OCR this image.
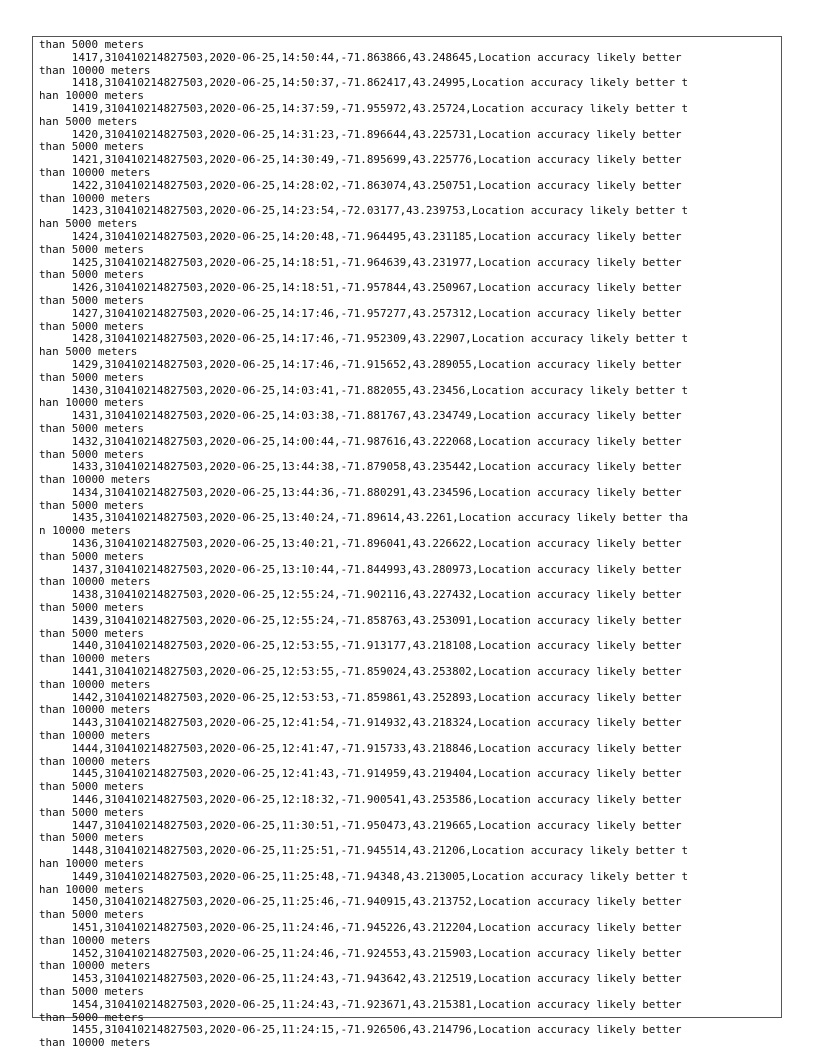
than 5000 meters
1417,310410214827503,2020-06-25,14:50:44,-71.863866,43.248645,Location accuracy likely better
than 10000 meters
1418,310410214827503,2020-06-25,14:50:37,-71.862417,43.24995,Location accuracy likely better t
han 10000 meters
1419,310410214827503,2020-06-25,14:37:59,-71.955972,43.25724,Location accuracy likely better t
han 5000 meters
1420,310410214827503,2020-06-25,14:31:23,-71.896644,43.225731,Location accuracy likely better
than 5000 meters
1421,310410214827503,2020-06-25,14:30:49,-71.895699,43.225776,Location accuracy likely better
than 10000 meters
1422,310410214827503,2020-06-25,14:28:02,-71.863074,43.250751,Location accuracy likely better
than 10000 meters
1423,310410214827503,2020-06-25,14:23:54,-72.03177,43.239753,Location accuracy likely better t
han 5000 meters
1424,310410214827503,2020-06-25,14:20:48,-71.964495,43.231185,Location accuracy likely better
than 5000 meters
1425,310410214827503,2020-06-25,14:18:51,-71.964639,43.231977,Location accuracy likely better
than 5000 meters
1426,310410214827503,2020-06-25,14:18:51,-71.957844,43.250967,Location accuracy likely better
than 5000 meters
1427,310410214827503,2020-06-25,14:17:46,-71.957277,43.257312,Location accuracy likely better
than 5000 meters
1428,310410214827503,2020-06-25,14:17:46,-71.952309,43.22907,Location accuracy likely better t
han 5000 meters
1429,310410214827503,2020-06-25,14:17:46,-71.915652,43.289055,Location accuracy likely better
than 5000 meters
1430,310410214827503,2020-06-25,14:03:41,-71.882055,43.23456,Location accuracy likely better t
han 10000 meters
1431,310410214827503,2020-06-25,14:03:38,-71.881767,43.234749,Location accuracy likely better
than 5000 meters
1432,310410214827503,2020-06-25,14:00:44,-71.987616,43.222068,Location accuracy likely better
than 5000 meters
1433,310410214827503,2020-06-25,13:44:38,-71.879058,43.235442,Location accuracy likely better
than 10000 meters
1434,310410214827503,2020-06-25,13:44:36,-71.880291,43.234596,Location accuracy likely better
than 5000 meters
1435,310410214827503,2020-06-25,13:40:24,-71.89614,43.2261,Location accuracy likely better tha
n 10000 meters
1436,310410214827503,2020-06-25,13:40:21,-71.896041,43.226622,Location accuracy likely better
than 5000 meters
1437,310410214827503,2020-06-25,13:10:44,-71.844993,43.280973,Location accuracy likely better
than 10000 meters
1438,310410214827503,2020-06-25,12:55:24,-71.902116,43.227432,Location accuracy likely better
than 5000 meters
1439,310410214827503,2020-06-25,12:55:24,-71.858763,43.253091,Location accuracy likely better
than 5000 meters
1440,310410214827503,2020-06-25,12:53:55,-71.913177,43.218108,Location accuracy likely better
than 10000 meters
1441,310410214827503,2020-06-25,12:53:55,-71.859024,43.253802,Location accuracy likely better
than 10000 meters
1442,310410214827503,2020-06-25,12:53:53,-71.859861,43.252893,Location accuracy likely better
than 10000 meters
1443,310410214827503,2020-06-25,12:41:54,-71.914932,43.218324,Location accuracy likely better
than 10000 meters
1444,310410214827503,2020-06-25,12:41:47,-71.915733,43.218846,Location accuracy likely better
than 10000 meters
1445,310410214827503,2020-06-25,12:41:43,-71.914959,43.219404,Location accuracy likely better
than 5000 meters
1446,310410214827503,2020-06-25,12:18:32,-71.900541,43.253586,Location accuracy likely better
than 5000 meters
1447,310410214827503,2020-06-25,11:30:51,-71.950473,43.219665,Location accuracy likely better
than 5000 meters
1448,310410214827503,2020-06-25,11:25:51,-71.945514,43.21206,Location accuracy likely better t
han 10000 meters
1449,310410214827503,2020-06-25,11:25:48,-71.94348,43.213005,Location accuracy likely better t
han 10000 meters
1450,310410214827503,2020-06-25,11:25:46,-71.940915,43.213752,Location accuracy likely better
than 5000 meters
1451,310410214827503,2020-06-25,11:24:46,-71.945226,43.212204,Location accuracy likely better
than 10000 meters
1452,310410214827503,2020-06-25,11:24:46,-71.924553,43.215903,Location accuracy likely better
than 10000 meters
1453,310410214827503,2020-06-25,11:24:43,-71.943642,43.212519,Location accuracy likely better
than 5000 meters
1454,310410214827503,2020-06-25,11:24:43,-71.923671,43.215381,Location accuracy likely better
than 5000 meters
1455,310410214827503,2020-06-25,11:24:15,-71.926506,43.214796,Location accuracy likely better
than 10000 meters
